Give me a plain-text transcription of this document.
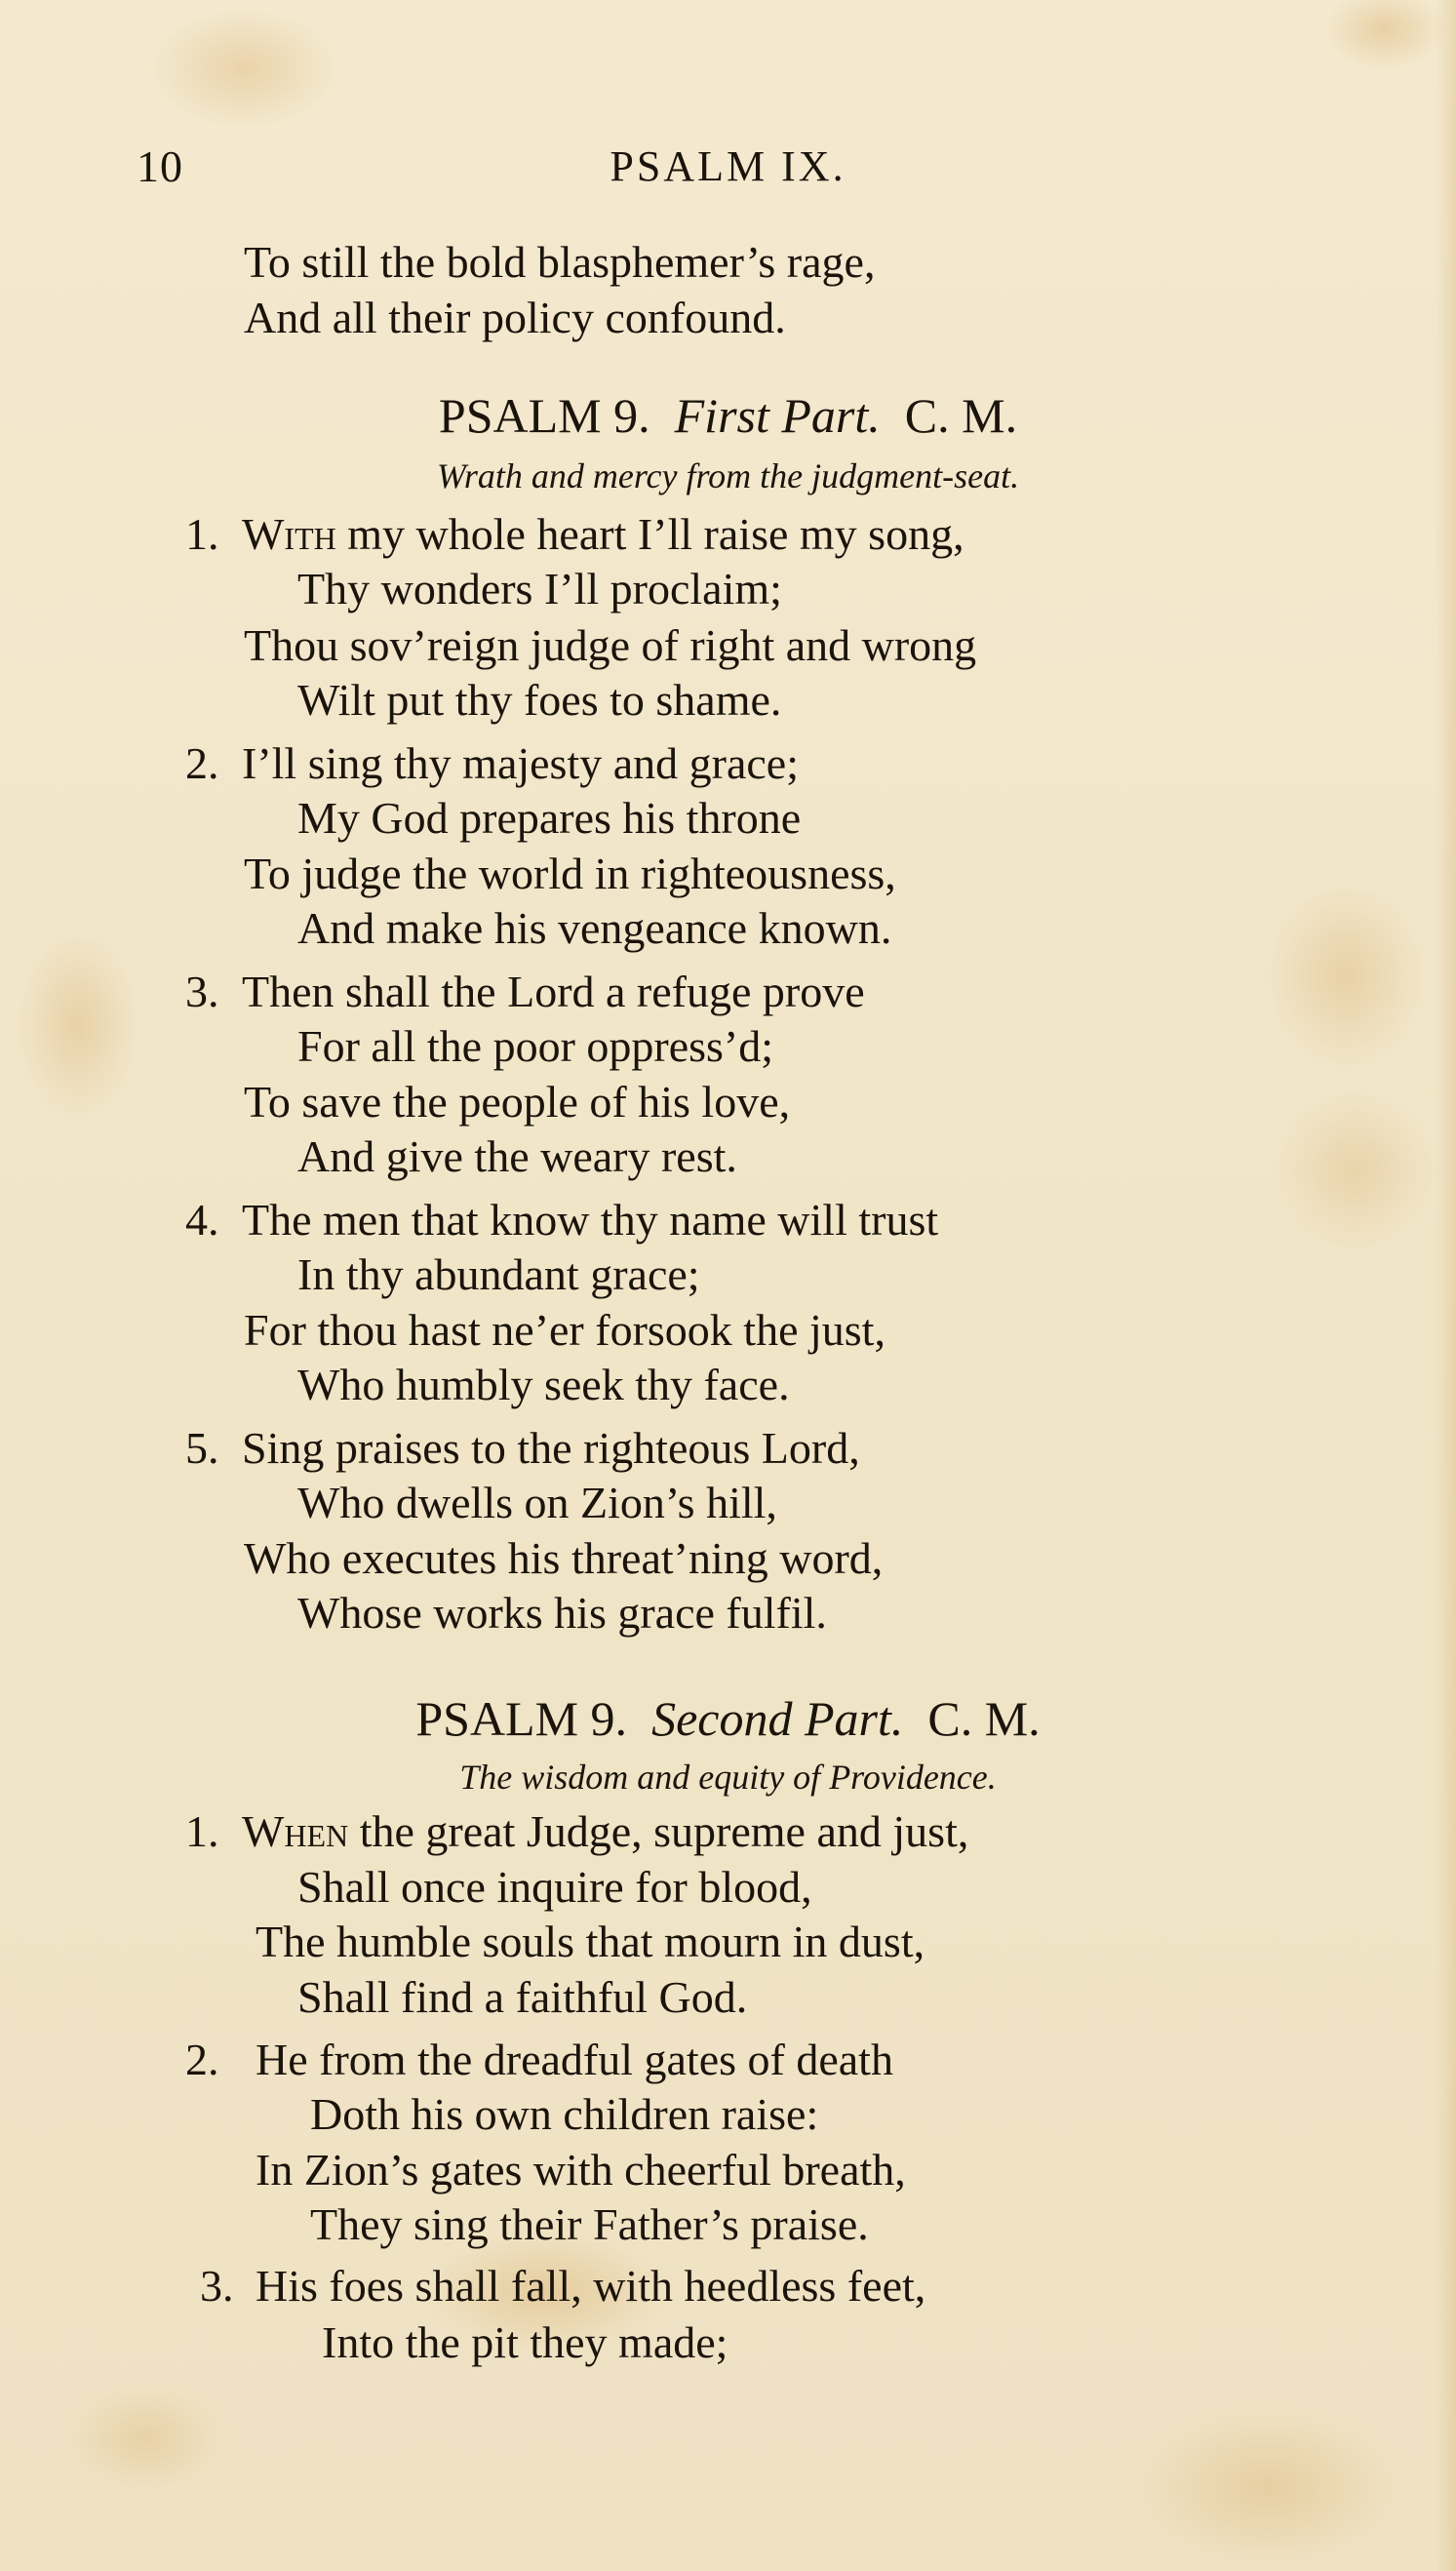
10	PSALM IX.
To still the bold blasphemer’s rage,
And all their policy confound.
PSALM 9. First Part. C. M.
Wrath and mercy from the judgment-seat.
1. With my whole heart I’ll raise my song,
Thy wonders I’ll proclaim;
Thou sov’reign judge of right and wrong
Wilt put thy foes to shame.
2. I’ll sing thy majesty and grace;
My God prepares his throne
To judge the world in righteousness,
And make his vengeance known.
3. Then shall the Lord a refuge prove
For all the poor oppress’d;
To save the people of his love,
And give the weary rest.
4. The men that know thy name will trust
In thy abundant grace;
For thou hast ne’er forsook the just,
Who humbly seek thy face.
5. Sing praises to the righteous Lord,
Who dwells on Zion’s hill,
Who executes his threat’ning word,
Whose works his grace fulfil.
PSALM 9. Second Part. C. M.
The wisdom and equity of Providence.
1. When the great Judge, supreme and just,
Shall once inquire for blood,
The humble souls that mourn in dust,
Shall find a faithful God.
2. He from the dreadful gates of death
Doth his own children raise:
In Zion’s gates with cheerful breath,
They sing their Father’s praise.
3. His foes shall fall, with heedless feet,
Into the pit they made;
